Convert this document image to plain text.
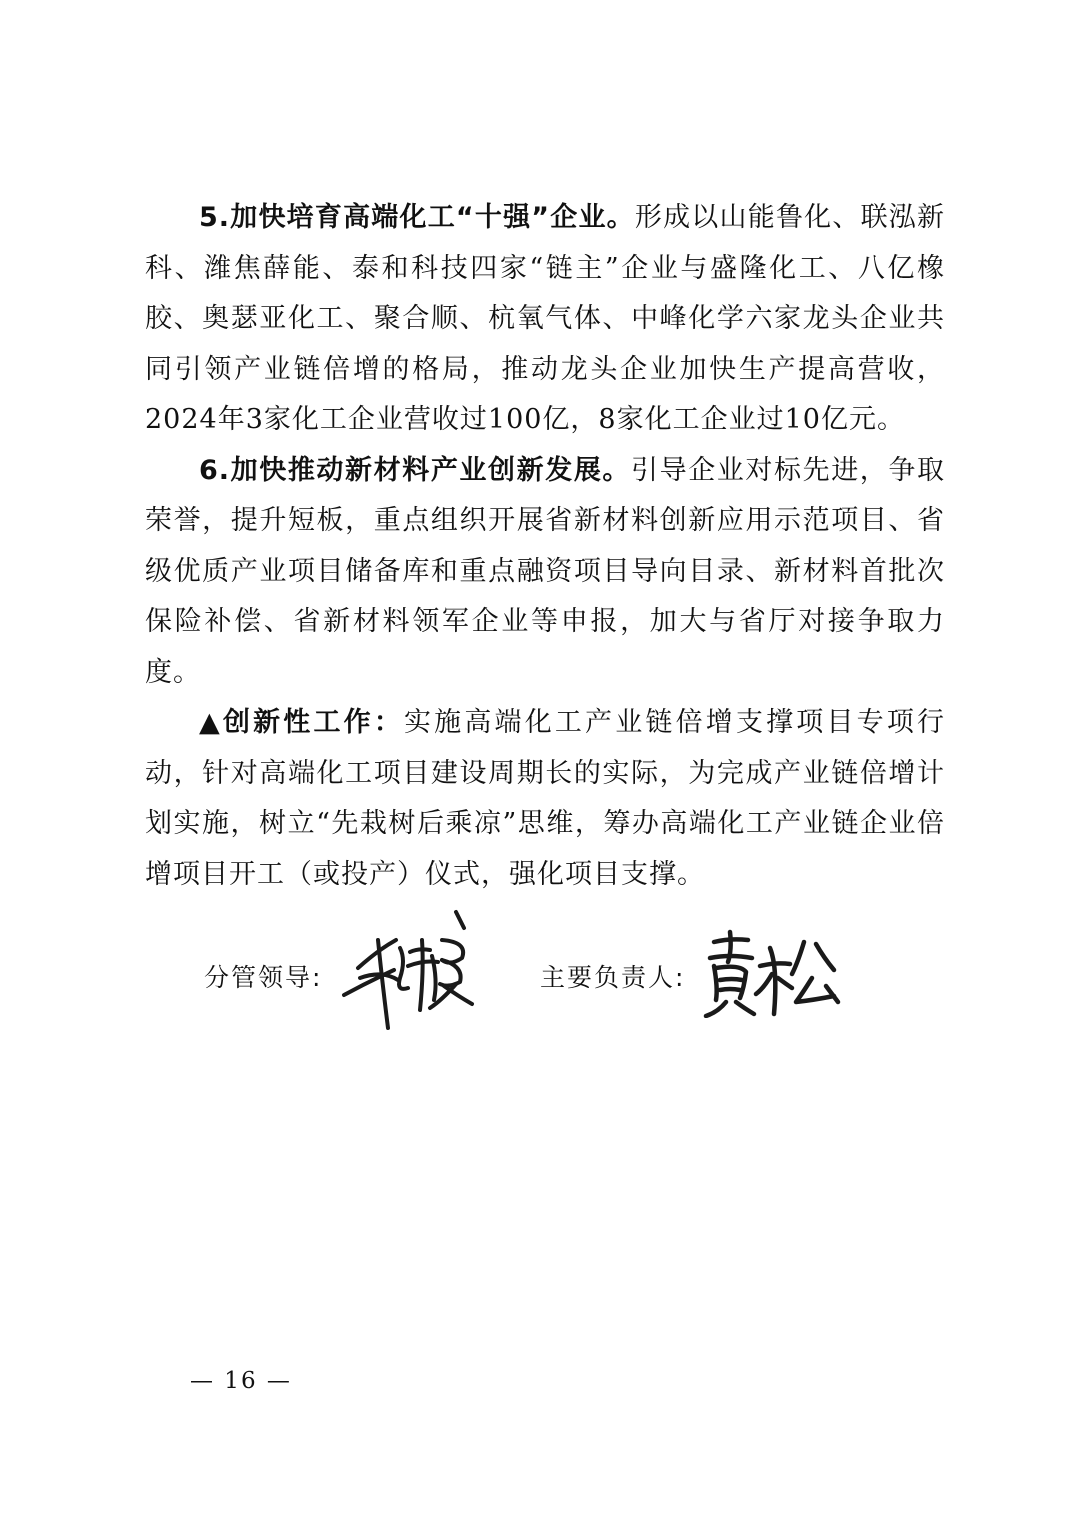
5.加快培育高端化工“十强”企业。形成以山能鲁化、联泓新科、潍焦薛能、泰和科技四家“链主”企业与盛隆化工、八亿橡胶、奥瑟亚化工、聚合顺、杭氧气体、中峰化学六家龙头企业共同引领产业链倍增的格局，推动龙头企业加快生产提高营收，2024年3家化工企业营收过100亿，8家化工企业过10亿元。

6.加快推动新材料产业创新发展。引导企业对标先进，争取荣誉，提升短板，重点组织开展省新材料创新应用示范项目、省级优质产业项目储备库和重点融资项目导向目录、新材料首批次保险补偿、省新材料领军企业等申报，加大与省厅对接争取力度。

▲创新性工作：实施高端化工产业链倍增支撑项目专项行动，针对高端化工项目建设周期长的实际，为完成产业链倍增计划实施，树立“先栽树后乘凉”思维，筹办高端化工产业链企业倍增项目开工（或投产）仪式，强化项目支撑。

分管领导:	主要负责人:
— 16 —
